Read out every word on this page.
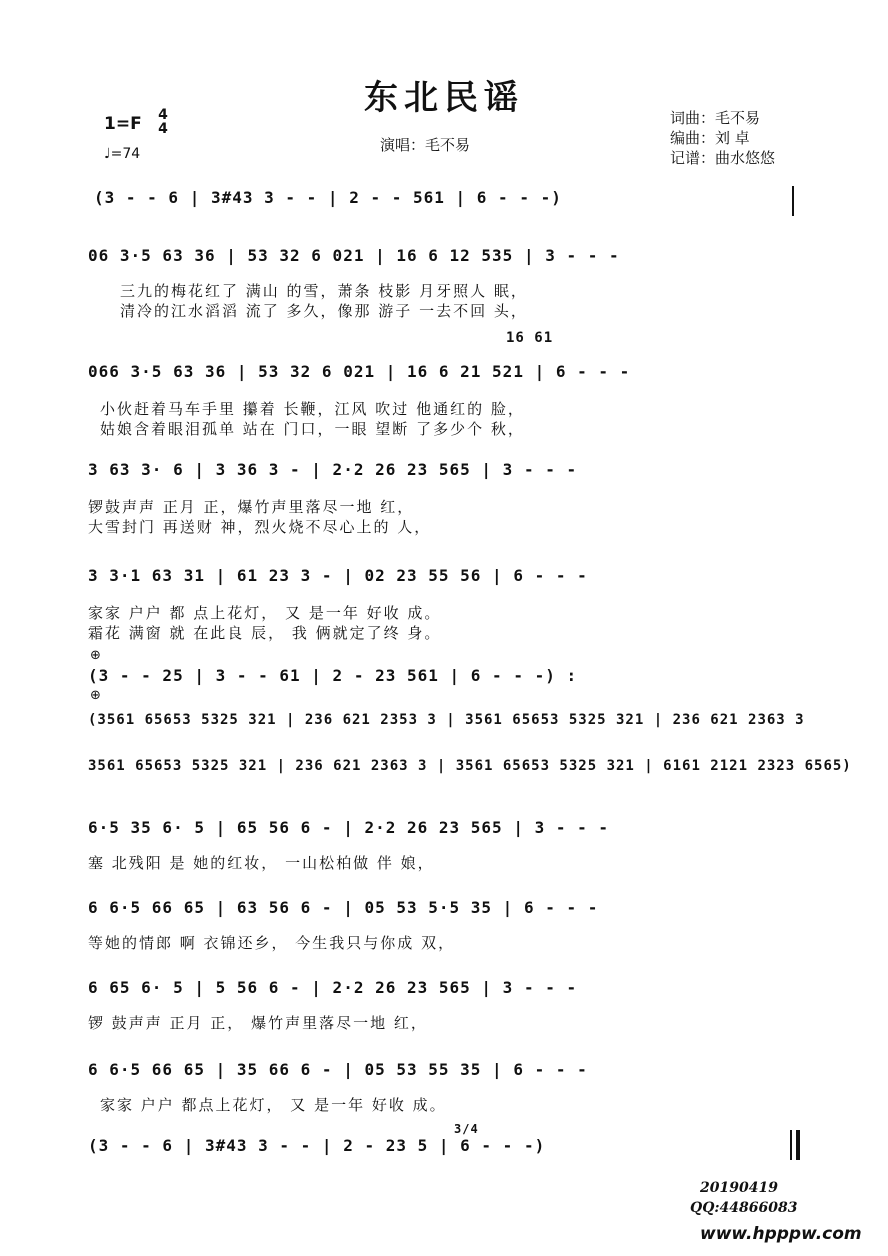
东北民谣
1=F 4
4
♩=74	演唱：毛不易
词曲：毛不易
编曲：刘 卓
记谱：曲水悠悠
(3 - - 6 | 3#43 3 - - | 2 - - 561 | 6 - - -)
06 3·5 63 36 | 53 32 6 021 | 16 6 12 535 | 3 - - -
三九的梅花红了 满山 的雪，萧条 枝影 月牙照人 眠，
清冷的江水滔滔 流了 多久，像那 游子 一去不回 头，
16 61
066 3·5 63 36 | 53 32 6 021 | 16 6 21 521 | 6 - - -
小伙赶着马车手里 攥着 长鞭，江风 吹过 他通红的 脸，
姑娘含着眼泪孤单 站在 门口，一眼 望断 了多少个 秋，
3 63 3· 6 | 3 36 3 - | 2·2 26 23 565 | 3 - - -
锣鼓声声 正月 正，爆竹声里落尽一地 红，
大雪封门 再送财 神，烈火烧不尽心上的 人，
3 3·1 63 31 | 61 23 3 - | 02 23 55 56 | 6 - - -
家家 户户 都 点上花灯， 又 是一年 好收 成。
霜花 满窗 就 在此良 辰， 我 俩就定了终 身。
⊕
(3 - - 25 | 3 - - 61 | 2 - 23 561 | 6 - - -) :
⊕
(3561 65653 5325 321 | 236 621 2353 3 | 3561 65653 5325 321 | 236 621 2363 3
3561 65653 5325 321 | 236 621 2363 3 | 3561 65653 5325 321 | 6161 2121 2323 6565)
6·5 35 6· 5 | 65 56 6 - | 2·2 26 23 565 | 3 - - -
塞 北残阳 是 她的红妆， 一山松柏做 伴 娘，
6 6·5 66 65 | 63 56 6 - | 05 53 5·5 35 | 6 - - -
等她的情郎 啊 衣锦还乡， 今生我只与你成 双，
6 65 6· 5 | 5 56 6 - | 2·2 26 23 565 | 3 - - -
锣 鼓声声 正月 正， 爆竹声里落尽一地 红，
6 6·5 66 65 | 35 66 6 - | 05 53 55 35 | 6 - - -
家家 户户 都点上花灯， 又 是一年 好收 成。
3/4
(3 - - 6 | 3#43 3 - - | 2 - 23 5 | 6 - - -)
20190419
QQ:44866083
www.hpppw.com
